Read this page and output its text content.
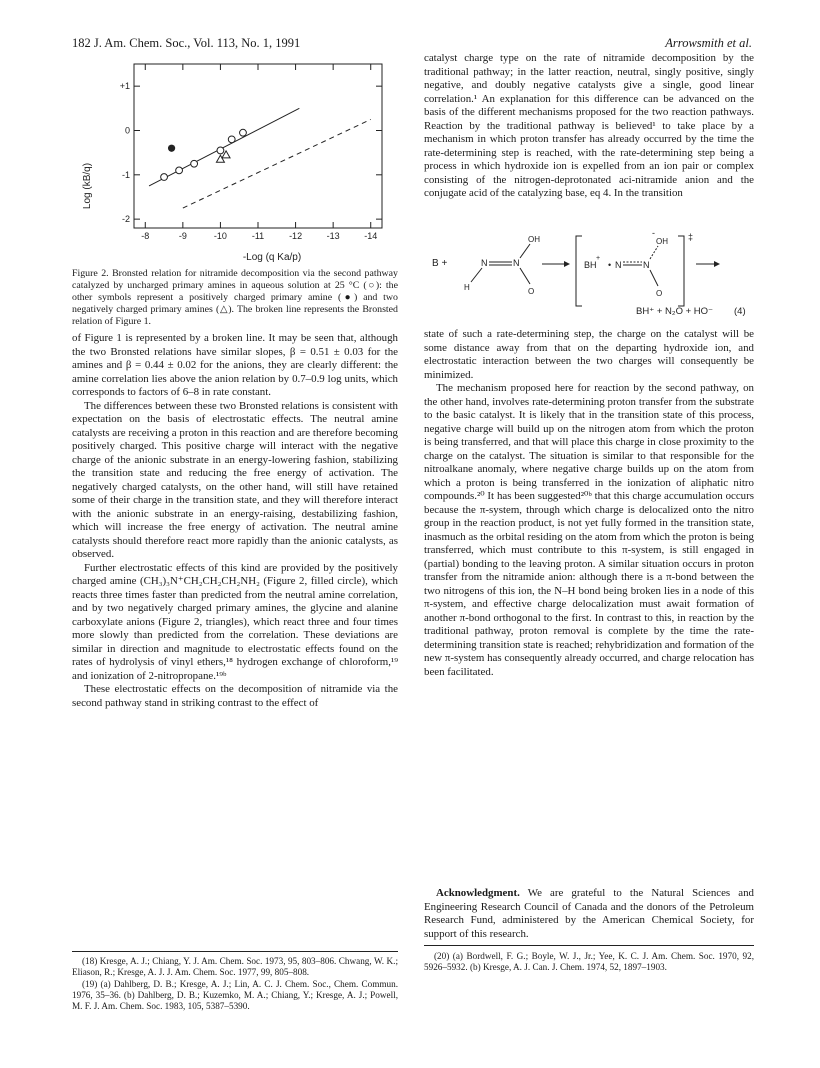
182 J. Am. Chem. Soc., Vol. 113, No. 1, 1991	Arrowsmith et al.
-8	-9	-10	-11	-12	-13	-14
+1
0
-1
-2
Log (kB/q)
-Log (q Ka/p)
Figure 2. Bronsted relation for nitramide decomposition via the second pathway catalyzed by uncharged primary amines in aqueous solution at 25 °C (○): the other symbols represent a positively charged primary amine (●) and two negatively charged primary amines (△). The broken line represents the Bronsted relation of Figure 1.

of Figure 1 is represented by a broken line. It may be seen that, although the two Bronsted relations have similar slopes, β = 0.51 ± 0.03 for the amines and β = 0.44 ± 0.02 for the anions, they are clearly different: the amine correlation lies above the anion relation by 0.7–0.9 log units, which corresponds to factors of 6–8 in rate constant.

The differences between these two Bronsted relations is consistent with expectation on the basis of electrostatic effects. The neutral amine catalysts are receiving a proton in this reaction and are therefore becoming positively charged. This positive charge will interact with the negative charge of the anionic substrate in an energy-lowering fashion, stabilizing the transition state and reducing the free energy of activation. The negatively charged catalysts, on the other hand, will still have retained some of their charge in the transition state, and they will therefore interact with the anionic substrate in an energy-raising, destabilizing fashion, which will increase the free energy of activation. The neutral amine catalysts should therefore react more rapidly than the anionic catalysts, as observed.

Further electrostatic effects of this kind are provided by the positively charged amine (CH₃)₃N⁺CH₂CH₂CH₂NH₂ (Figure 2, filled circle), which reacts three times faster than predicted from the neutral amine correlation, and by two negatively charged primary amines, the glycine and alanine carboxylate anions (Figure 2, triangles), which react three and four times more slowly than predicted from the correlation. These deviations are similar in direction and magnitude to electrostatic effects found on the rates of hydrolysis of vinyl ethers,¹⁸ hydrogen exchange of chloroform,¹⁹ and ionization of 2-nitropropane.¹⁹ᵇ

These electrostatic effects on the decomposition of nitramide via the second pathway stand in striking contrast to the effect of

(18) Kresge, A. J.; Chiang, Y. J. Am. Chem. Soc. 1973, 95, 803–806. Chwang, W. K.; Eliason, R.; Kresge, A. J. J. Am. Chem. Soc. 1977, 99, 805–808.

(19) (a) Dahlberg, D. B.; Kresge, A. J.; Lin, A. C. J. Chem. Soc., Chem. Commun. 1976, 35–36. (b) Dahlberg, D. B.; Kuzemko, M. A.; Chiang, Y.; Kresge, A. J.; Powell, M. F. J. Am. Chem. Soc. 1983, 105, 5387–5390.

catalyst charge type on the rate of nitramide decomposition by the traditional pathway; in the latter reaction, neutral, singly positive, singly negative, and doubly negative catalysts give a single, good linear correlation.¹ An explanation for this difference can be advanced on the basis of the different mechanisms proposed for the two reaction pathways. Reaction by the traditional pathway is believed¹ to take place by a mechanism in which proton transfer has already occurred by the time the rate-determining step is reached, with the rate-determining step being a process in which hydroxide ion is expelled from an ion pair or complex consisting of the nitrogen-deprotonated aci-nitramide anion and the conjugate acid of the catalyzing base, eq 4. In the transition

B +	N	N
H
OH
O
BH
+
• N N
OH
-
O
‡
BH⁺ + N₂O + HO⁻ (4)

state of such a rate-determining step, the charge on the catalyst will be some distance away from that on the departing hydroxide ion, and electrostatic interaction between the two charges will consequently be minimized.

The mechanism proposed here for reaction by the second pathway, on the other hand, involves rate-determining proton transfer from the substrate to the basic catalyst. It is likely that in the transition state of this process, negative charge will build up on the nitrogen atom from which the proton is being transferred, and that will place this charge in close proximity to the charge on the catalyst. The situation is similar to that responsible for the nitroalkane anomaly, where negative charge builds up on the atom from which a proton is being transferred in the ionization of aliphatic nitro compounds.²⁰ It has been suggested²⁰ᵇ that this charge accumulation occurs because the π-system, through which charge is delocalized onto the nitro group in the reaction product, is not yet fully formed in the transition state, inasmuch as the orbital residing on the atom from which the proton is being transferred, which must contribute to this π-system, is still engaged in (partial) bonding to the leaving proton. A similar situation occurs in proton transfer from the nitramide anion: although there is a π-bond between the two nitrogens of this ion, the N–H bond being broken lies in a node of this π-system, and effective charge delocalization must await formation of another π-bond orthogonal to the first. In contrast to this, in reaction by the traditional pathway, proton removal is complete by the time the rate-determining transition state is reached; rehybridization and formation of the new π-system has consequently already occurred, and charge relocation has been facilitated.

Acknowledgment. We are grateful to the Natural Sciences and Engineering Research Council of Canada and the donors of the Petroleum Research Fund, administered by the American Chemical Society, for support of this research.

(20) (a) Bordwell, F. G.; Boyle, W. J., Jr.; Yee, K. C. J. Am. Chem. Soc. 1970, 92, 5926–5932. (b) Kresge, A. J. Can. J. Chem. 1974, 52, 1897–1903.
